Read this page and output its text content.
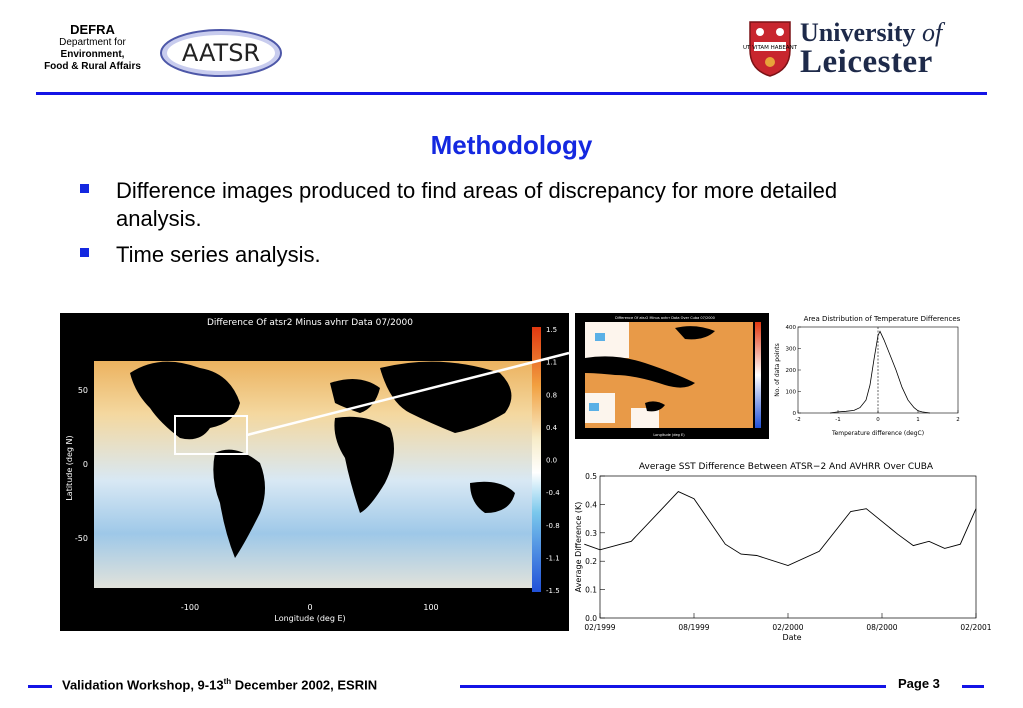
DEFRA
Department for
Environment,
Food & Rural Affairs	AATSR	UT VITAM HABEANT
University of
Leicester
Methodology
Difference images produced to find areas of discrepancy for more detailed analysis.
Time series analysis.
Difference Of atsr2 Minus avhrr Data 07/2000
Latitude (deg N)
50
0
-50
-100	0	100
Longitude (deg E)
1.5
1.1
0.8
0.4
0.0
-0.4
-0.8
-1.1
-1.5
Difference Of atsr2 Minus avhrr Data Over Cuba 07/2000
Longitude (deg E)
Area Distribution of Temperature Differences
0
100
200
300
400
-2	-1	0	1	2
Temperature difference (degC)
No. of data points
Average SST Difference Between ATSR−2 And AVHRR Over CUBA
0.0
0.1
0.2
0.3
0.4
0.5
02/1999	08/1999	02/2000	08/2000	02/2001
Date
Average Difference (K)
Validation Workshop, 9-13th December 2002, ESRIN	Page 3
